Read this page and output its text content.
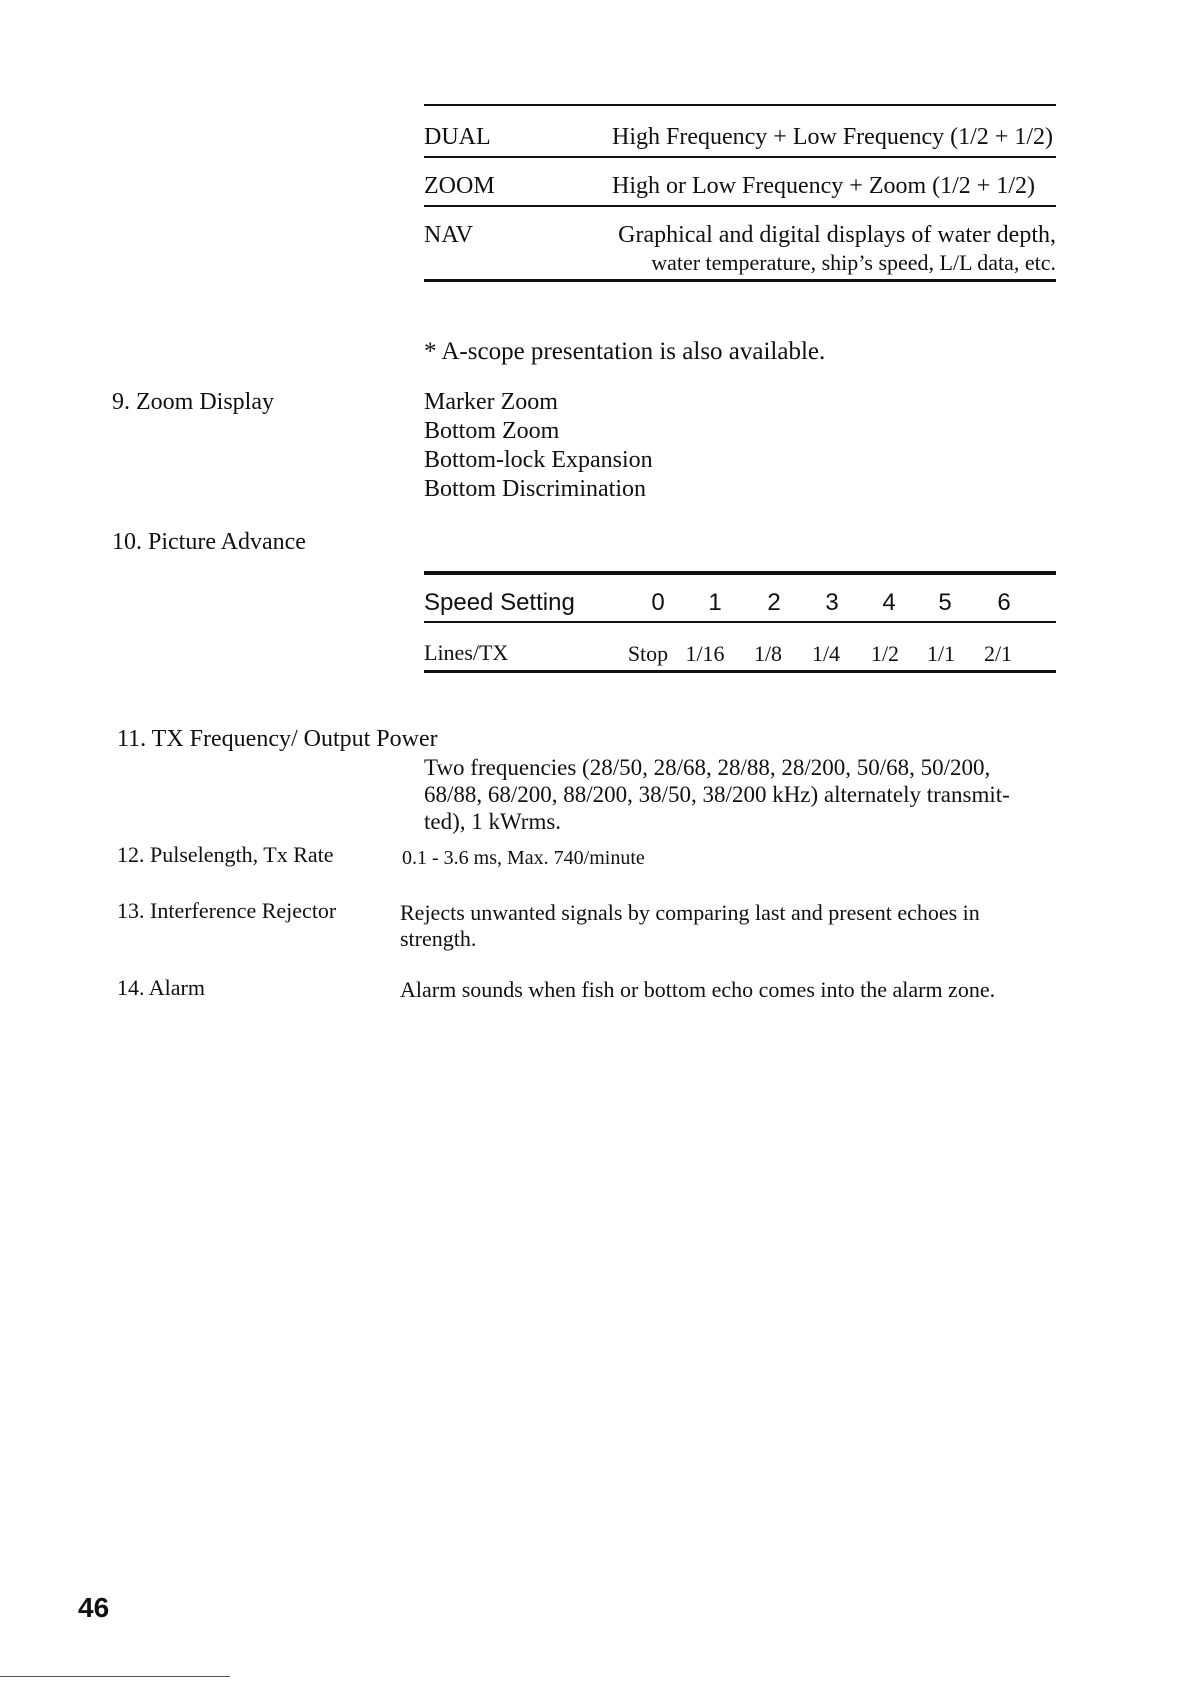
DUAL	High Frequency + Low Frequency (1/2 + 1/2)
ZOOM	High or Low Frequency + Zoom (1/2 + 1/2)
NAV	Graphical and digital displays of water depth,
water temperature, ship’s speed, L/L data, etc.
* A-scope presentation is also available.
9. Zoom Display	Marker Zoom
Bottom Zoom
Bottom-lock Expansion
Bottom Discrimination
10. Picture Advance
Speed Setting	0	1	2	3	4	5	6
Lines/TX	Stop 1/16	1/8	1/4	1/2	1/1	2/1
11. TX Frequency/ Output Power
Two frequencies (28/50, 28/68, 28/88, 28/200, 50/68, 50/200,
68/88, 68/200, 88/200, 38/50, 38/200 kHz) alternately transmit-
ted), 1 kWrms.
12. Pulselength, Tx Rate	0.1 - 3.6 ms, Max. 740/minute
13. Interference Rejector	Rejects unwanted signals by comparing last and present echoes in
strength.
14. Alarm	Alarm sounds when fish or bottom echo comes into the alarm zone.
46
